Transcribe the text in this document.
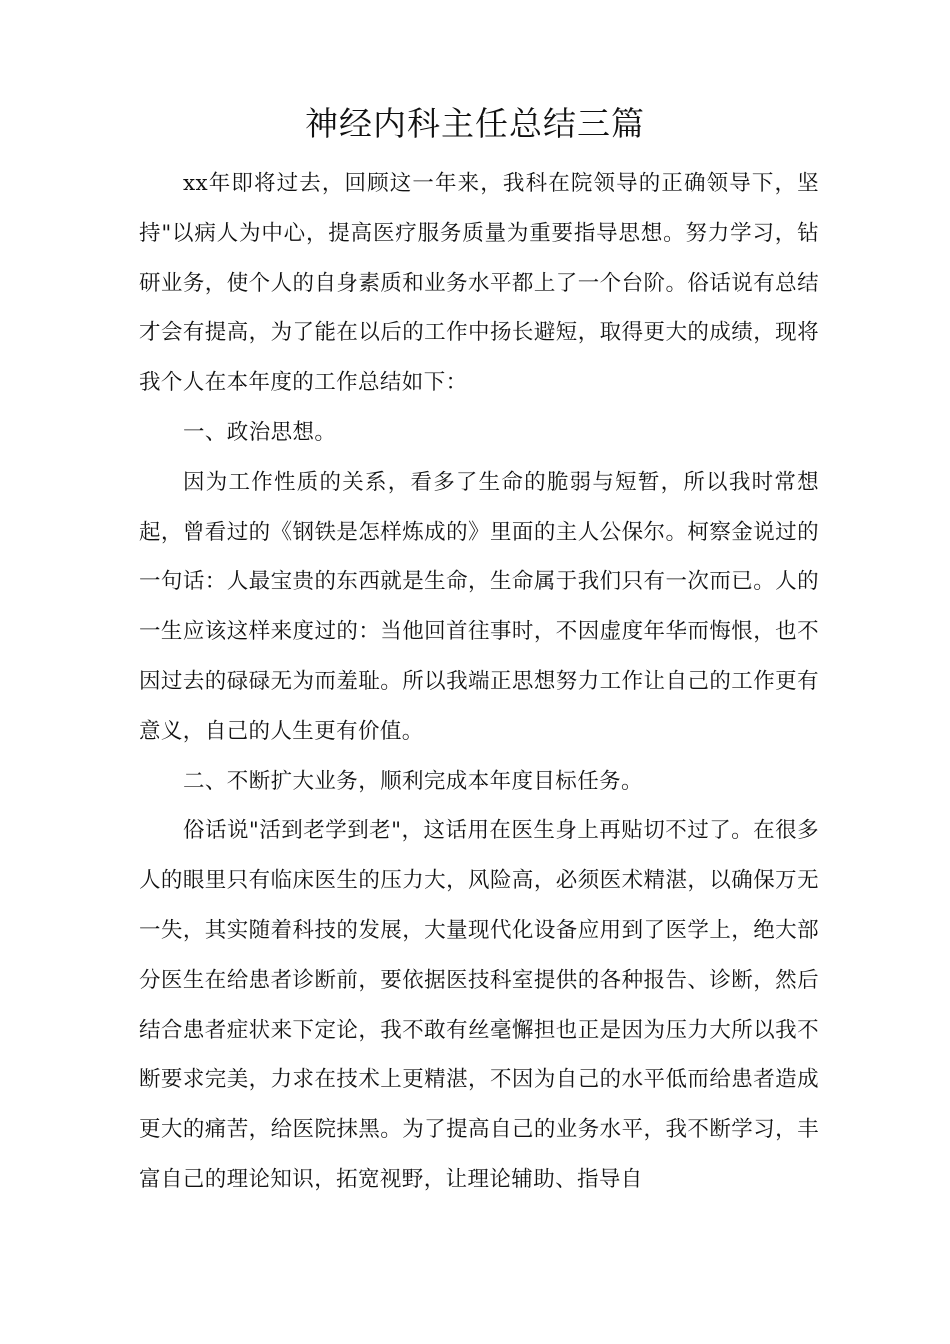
神经内科主任总结三篇

xx年即将过去，回顾这一年来，我科在院领导的正确领导下，坚持"以病人为中心，提高医疗服务质量为重要指导思想。努力学习，钻研业务，使个人的自身素质和业务水平都上了一个台阶。俗话说有总结才会有提高，为了能在以后的工作中扬长避短，取得更大的成绩，现将我个人在本年度的工作总结如下：

一、政治思想。

因为工作性质的关系，看多了生命的脆弱与短暂，所以我时常想起，曾看过的《钢铁是怎样炼成的》里面的主人公保尔。柯察金说过的一句话：人最宝贵的东西就是生命，生命属于我们只有一次而已。人的一生应该这样来度过的：当他回首往事时，不因虚度年华而悔恨，也不因过去的碌碌无为而羞耻。所以我端正思想努力工作让自己的工作更有意义，自己的人生更有价值。

二、不断扩大业务，顺利完成本年度目标任务。

俗话说"活到老学到老"，这话用在医生身上再贴切不过了。在很多人的眼里只有临床医生的压力大，风险高，必须医术精湛，以确保万无一失，其实随着科技的发展，大量现代化设备应用到了医学上，绝大部分医生在给患者诊断前，要依据医技科室提供的各种报告、诊断，然后结合患者症状来下定论，我不敢有丝毫懈担也正是因为压力大所以我不断要求完美，力求在技术上更精湛，不因为自己的水平低而给患者造成更大的痛苦，给医院抹黑。为了提高自己的业务水平，我不断学习，丰富自己的理论知识，拓宽视野，让理论辅助、指导自
